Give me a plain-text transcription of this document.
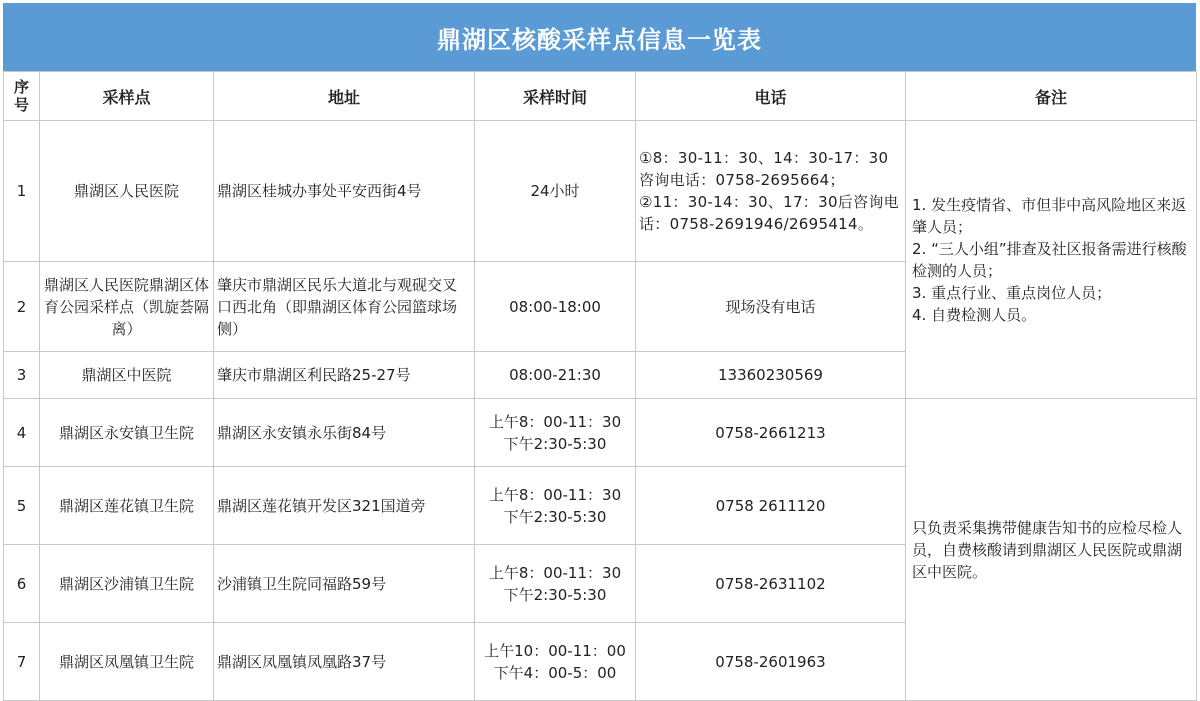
鼎湖区核酸采样点信息一览表
序号	采样点	地址	采样时间	电话	备注
1	鼎湖区人民医院	鼎湖区桂城办事处平安西街4号	24小时	①8：30-11：30、14：30-17：30咨询电话：0758-2695664；
②11：30-14：30、17：30后咨询电话：0758-2691946/2695414。	1. 发生疫情省、市但非中高风险地区来返肇人员；
2. “三人小组”排查及社区报备需进行核酸检测的人员；
3. 重点行业、重点岗位人员；
4. 自费检测人员。
2	鼎湖区人民医院鼎湖区体育公园采样点（凯旋荟隔离）	肇庆市鼎湖区民乐大道北与观砚交叉口西北角（即鼎湖区体育公园篮球场侧）	08:00-18:00	现场没有电话	
3	鼎湖区中医院	肇庆市鼎湖区利民路25-27号	08:00-21:30	13360230569	
4	鼎湖区永安镇卫生院	鼎湖区永安镇永乐街84号	上午8：00-11：30
下午2:30-5:30	0758-2661213	只负责采集携带健康告知书的应检尽检人员，自费核酸请到鼎湖区人民医院或鼎湖区中医院。
5	鼎湖区莲花镇卫生院	鼎湖区莲花镇开发区321国道旁	上午8：00-11：30
下午2:30-5:30	0758 2611120	
6	鼎湖区沙浦镇卫生院	沙浦镇卫生院同福路59号	上午8：00-11：30
下午2:30-5:30	0758-2631102	
7	鼎湖区凤凰镇卫生院	鼎湖区凤凰镇凤凰路37号	上午10：00-11：00
下午4：00-5：00	0758-2601963	
